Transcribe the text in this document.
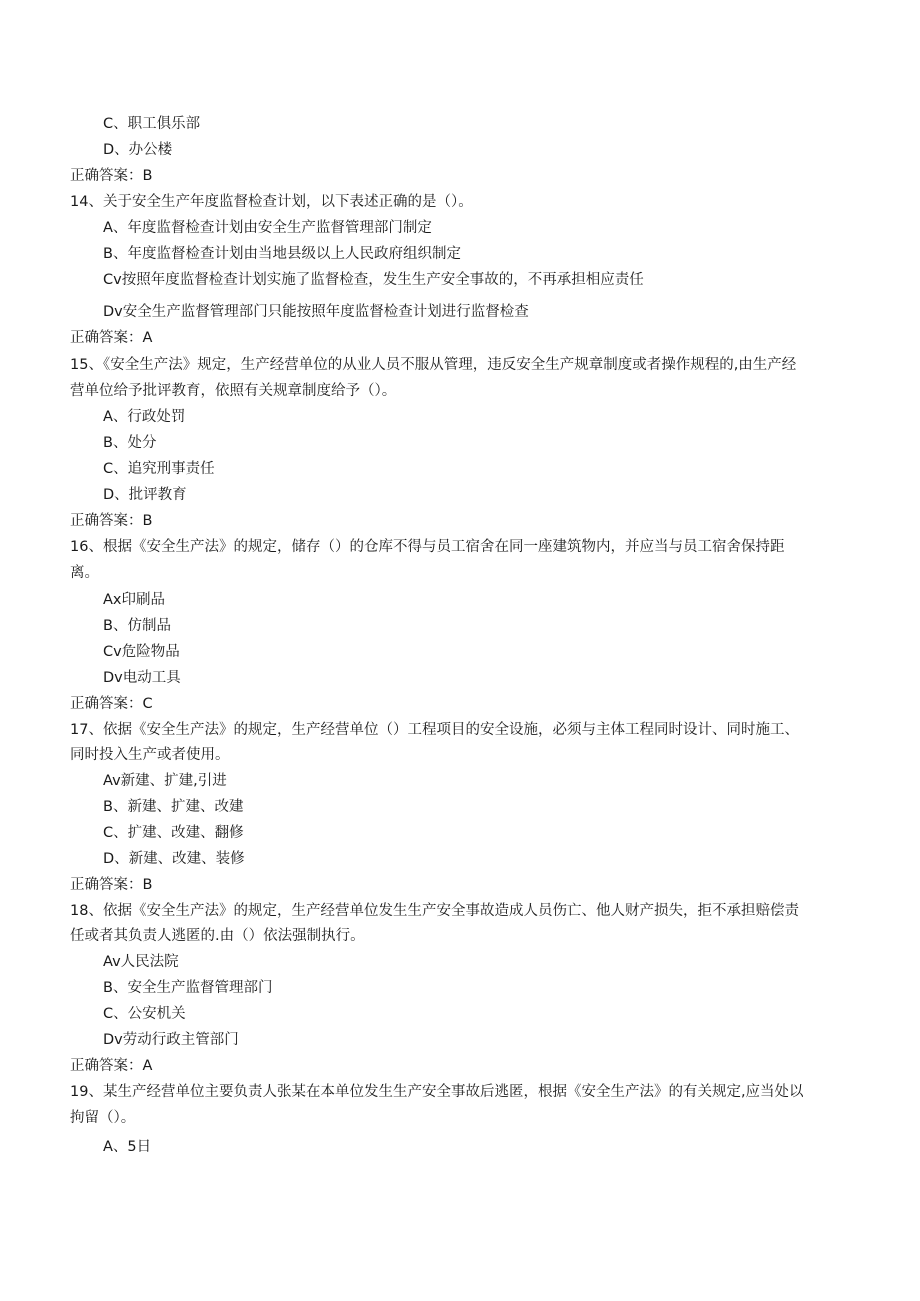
C、职工俱乐部
D、办公楼
正确答案：B
14、关于安全生产年度监督检查计划，以下表述正确的是（）。
A、年度监督检查计划由安全生产监督管理部门制定
B、年度监督检查计划由当地县级以上人民政府组织制定
Cv按照年度监督检查计划实施了监督检查，发生生产安全事故的，不再承担相应责任
Dv安全生产监督管理部门只能按照年度监督检查计划进行监督检查
正确答案：A
15、《安全生产法》规定，生产经营单位的从业人员不服从管理，违反安全生产规章制度或者操作规程的,由生产经
营单位给予批评教育，依照有关规章制度给予（）。
A、行政处罚
B、处分
C、追究刑事责任
D、批评教育
正确答案：B
16、根据《安全生产法》的规定，储存（）的仓库不得与员工宿舍在同一座建筑物内，并应当与员工宿舍保持距
离。
Ax印刷品
B、仿制品
Cv危险物品
Dv电动工具
正确答案：C
17、依据《安全生产法》的规定，生产经营单位（）工程项目的安全设施，必须与主体工程同时设计、同时施工、
同时投入生产或者使用。
Av新建、扩建,引进
B、新建、扩建、改建
C、扩建、改建、翻修
D、新建、改建、装修
正确答案：B
18、依据《安全生产法》的规定，生产经营单位发生生产安全事故造成人员伤亡、他人财产损失，拒不承担赔偿责
任或者其负责人逃匿的.由（）依法强制执行。
Av人民法院
B、安全生产监督管理部门
C、公安机关
Dv劳动行政主管部门
正确答案：A
19、某生产经营单位主要负责人张某在本单位发生生产安全事故后逃匿，根据《安全生产法》的有关规定,应当处以
拘留（）。
A、5日
